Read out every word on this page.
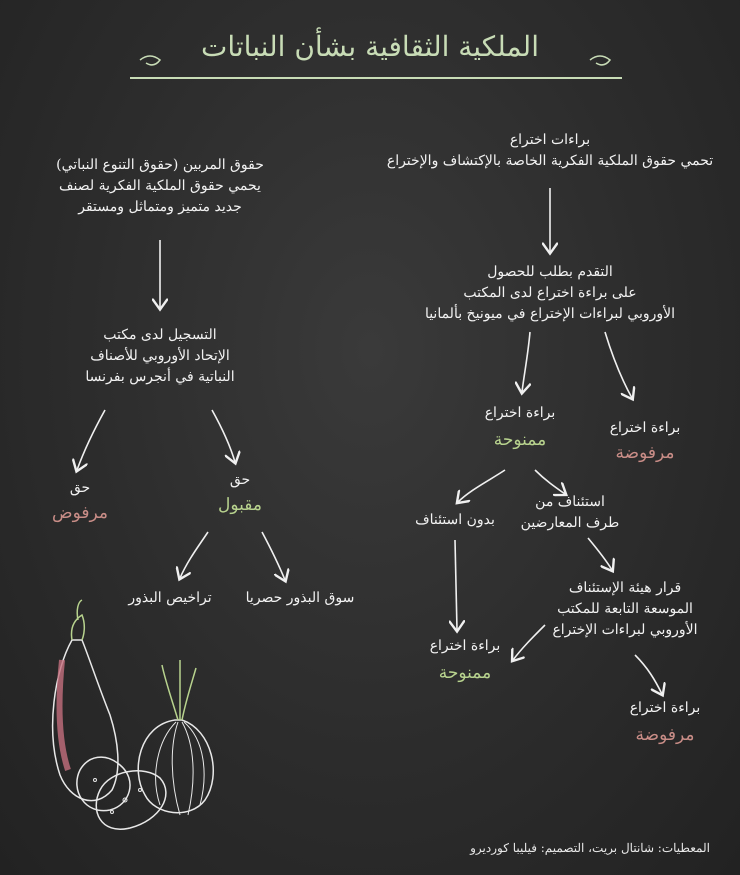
الملكية الثقافية بشأن النباتات
براءات اختراع
تحمي حقوق الملكية الفكرية الخاصة بالإكتشاف والإختراع
التقدم بطلب للحصول
على براءة اختراع لدى المكتب
الأوروبي لبراءات الإختراع في ميونيخ بألمانيا
براءة اختراع
ممنوحة
براءة اختراع
مرفوضة
بدون استئناف
استئناف من
طرف المعارضين
قرار هيئة الإستئناف
الموسعة التابعة للمكتب
الأوروبي لبراءات الإختراع
براءة اختراع
ممنوحة
براءة اختراع
مرفوضة
حقوق المربين (حقوق التنوع النباتي)
يحمي حقوق الملكية الفكرية لصنف
جديد متميز ومتماثل ومستقر
التسجيل لدى مكتب
الإتحاد الأوروبي للأصناف
النباتية في أنجرس بفرنسا
حق
مقبول
حق
مرفوض
سوق البذور حصريا
تراخيص البذور
المعطيات: شانتال بريت، التصميم: فيليبا كورديرو
